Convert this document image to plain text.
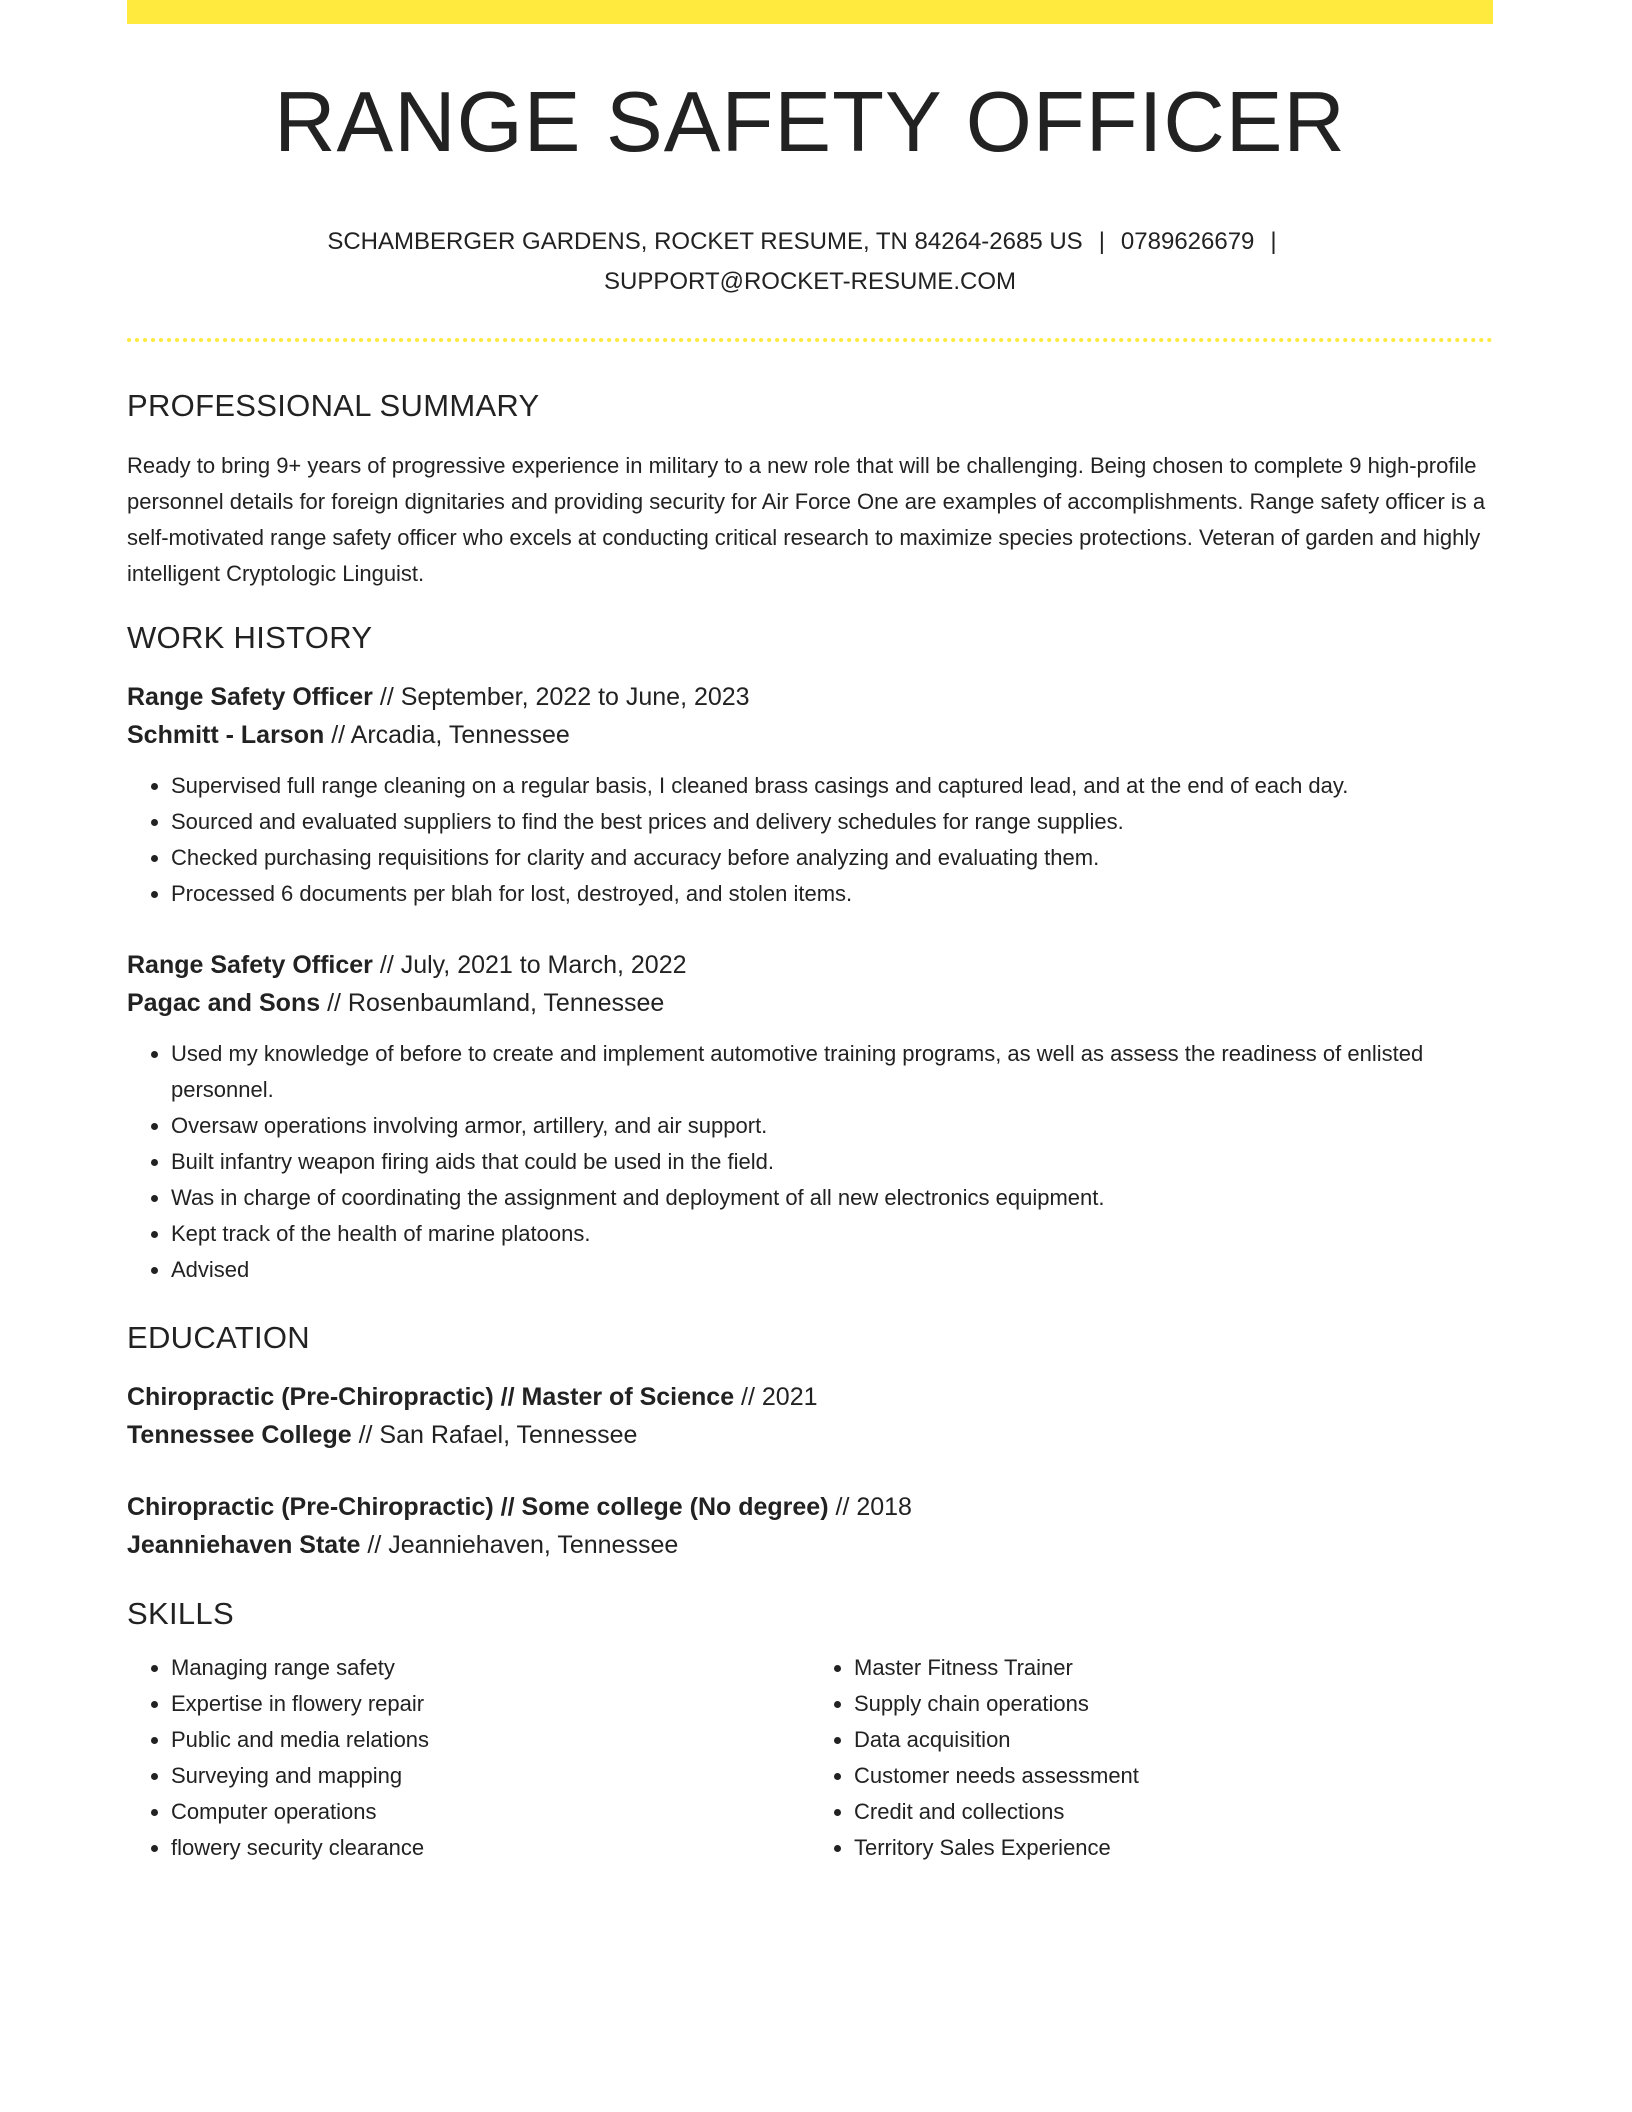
RANGE SAFETY OFFICER
SCHAMBERGER GARDENS, ROCKET RESUME, TN 84264-2685 US | 0789626679 |
SUPPORT@ROCKET-RESUME.COM
PROFESSIONAL SUMMARY

Ready to bring 9+ years of progressive experience in military to a new role that will be challenging. Being chosen to complete 9 high-profile personnel details for foreign dignitaries and providing security for Air Force One are examples of accomplishments. Range safety officer is a self-motivated range safety officer who excels at conducting critical research to maximize species protections. Veteran of garden and highly intelligent Cryptologic Linguist.

WORK HISTORY
Range Safety Officer // September, 2022 to June, 2023
Schmitt - Larson // Arcadia, Tennessee
• Supervised full range cleaning on a regular basis, I cleaned brass casings and captured lead, and at the end of each day.
• Sourced and evaluated suppliers to find the best prices and delivery schedules for range supplies.
• Checked purchasing requisitions for clarity and accuracy before analyzing and evaluating them.
• Processed 6 documents per blah for lost, destroyed, and stolen items.
Range Safety Officer // July, 2021 to March, 2022
Pagac and Sons // Rosenbaumland, Tennessee
• Used my knowledge of before to create and implement automotive training programs, as well as assess the readiness of enlisted personnel.
• Oversaw operations involving armor, artillery, and air support.
• Built infantry weapon firing aids that could be used in the field.
• Was in charge of coordinating the assignment and deployment of all new electronics equipment.
• Kept track of the health of marine platoons.
• Advised
EDUCATION
Chiropractic (Pre-Chiropractic) // Master of Science // 2021
Tennessee College // San Rafael, Tennessee
Chiropractic (Pre-Chiropractic) // Some college (No degree) // 2018
Jeanniehaven State // Jeanniehaven, Tennessee
SKILLS
• Managing range safety
• Expertise in flowery repair
• Public and media relations
• Surveying and mapping
• Computer operations
• flowery security clearance
• Master Fitness Trainer
• Supply chain operations
• Data acquisition
• Customer needs assessment
• Credit and collections
• Territory Sales Experience
